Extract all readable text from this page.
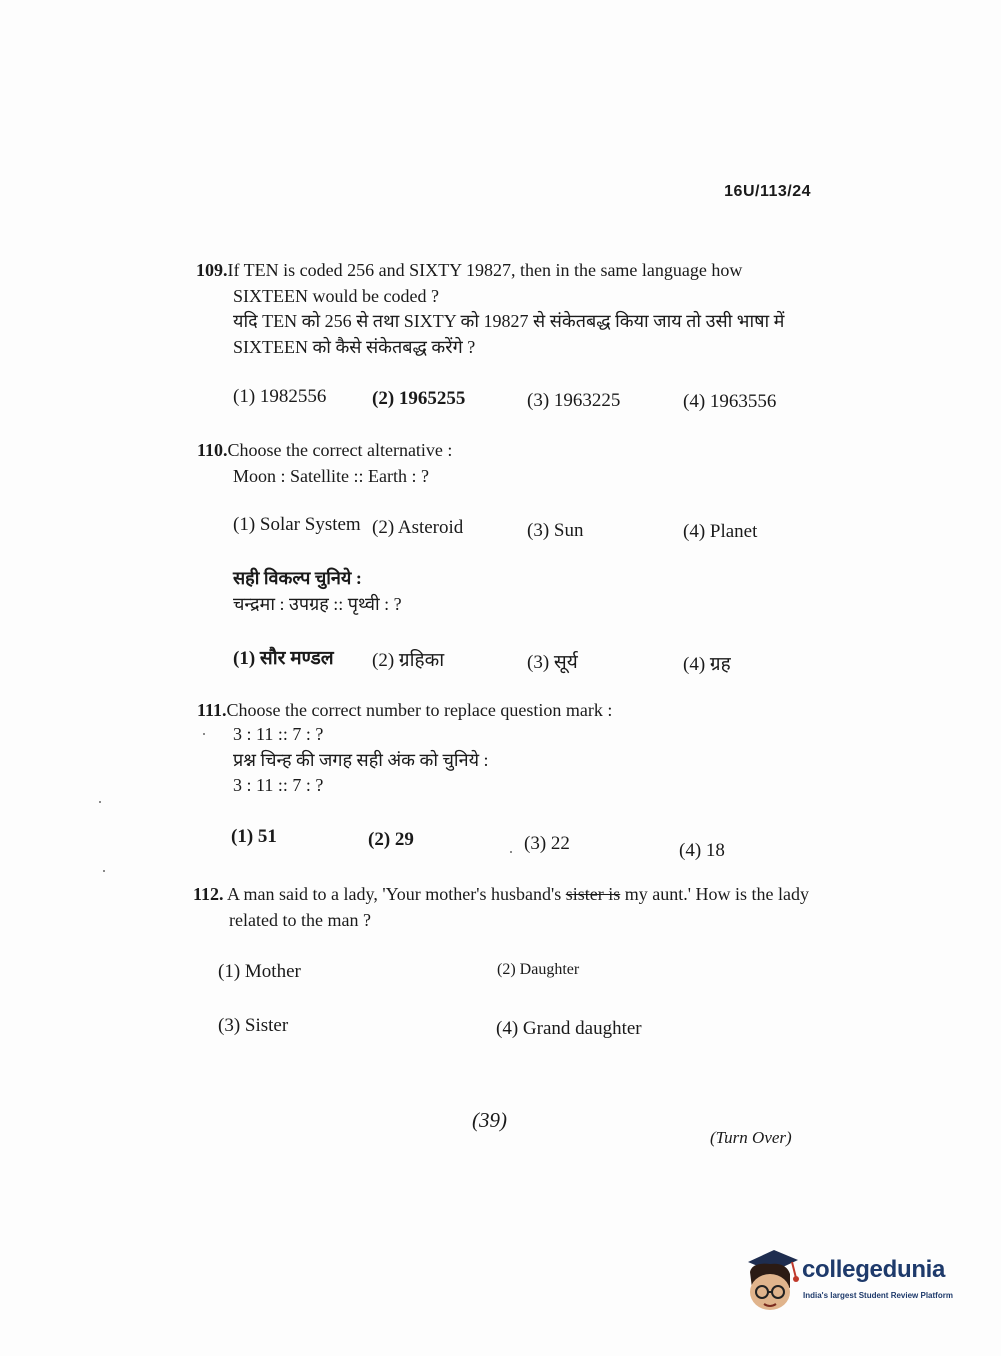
16U/113/24
109.If TEN is coded 256 and SIXTY 19827, then in the same language how
SIXTEEN would be coded ?
यदि TEN को 256 से तथा SIXTY को 19827 से संकेतबद्ध किया जाय तो उसी भाषा में
SIXTEEN को कैसे संकेतबद्ध करेंगे ?
(1) 1982556 (2) 1965255	(3) 1963225	(4) 1963556
110.Choose the correct alternative :
Moon : Satellite :: Earth : ?
(1) Solar System (2) Asteroid	(3) Sun	(4) Planet
सही विकल्प चुनिये :
चन्द्रमा : उपग्रह :: पृथ्वी : ?
(1) सौर मण्डल (2) ग्रहिका	(3) सूर्य	(4) ग्रह
111.Choose the correct number to replace question mark :
3 : 11 :: 7 : ?
प्रश्न चिन्ह की जगह सही अंक को चुनिये :
3 : 11 :: 7 : ?
(1) 51	(2) 29	(3) 22	(4) 18
112. A man said to a lady, 'Your mother's husband's sister is my aunt.' How is the lady
related to the man ?
(1) Mother	(2) Daughter
(3) Sister	(4) Grand daughter
(39)
(Turn Over)
collegedunia
India's largest Student Review Platform
